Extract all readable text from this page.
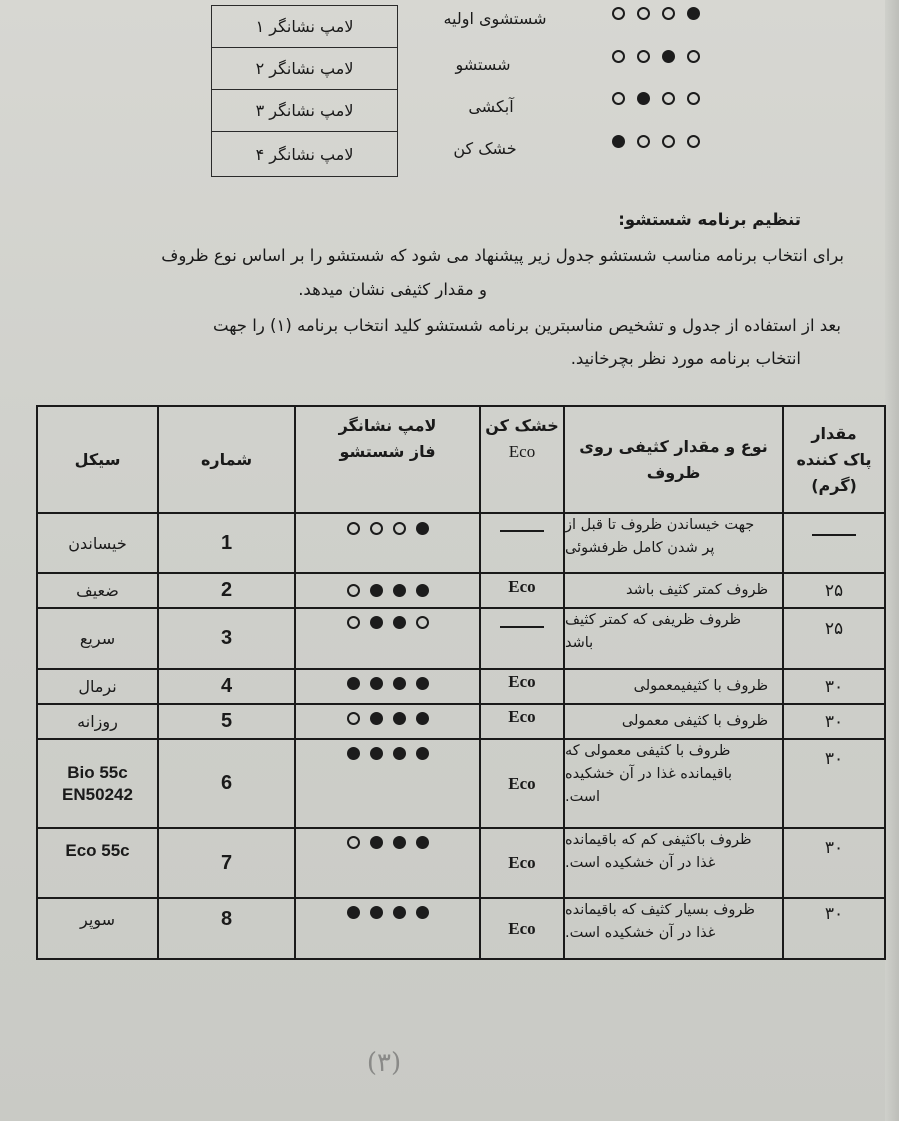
لامپ نشانگر ۱
لامپ نشانگر ۲
لامپ نشانگر ۳
لامپ نشانگر ۴
شستشوی اولیه
شستشو
آبکشی
خشک کن
تنظیم برنامه شستشو:
برای انتخاب برنامه مناسب شستشو جدول زیر پیشنهاد می شود که شستشو را بر اساس نوع ظروف
و مقدار کثیفی نشان میدهد.
بعد از استفاده از جدول و تشخیص مناسبترین برنامه شستشو کلید انتخاب برنامه (۱) را جهت
انتخاب برنامه مورد نظر بچرخانید.
مقدار
پاک کننده
(گرم)
نوع و مقدار کثیفی روی
ظروف
خشک کن
Eco
لامپ نشانگر
فاز شستشو
شماره
سیکل
جهت خیساندن ظروف تا قبل از
پر شدن کامل ظرفشوئی
1
خیساندن
۲۵
ظروف کمتر کثیف باشد
Eco
2
ضعیف
۲۵
ظروف ظریفی که کمتر کثیف
باشد
3
سریع
۳۰
ظروف با کثیفیمعمولی
Eco
4
نرمال
۳۰
ظروف با کثیفی معمولی
Eco
5
روزانه
۳۰
ظروف با کثیفی معمولی که
باقیمانده غذا در آن خشکیده
است.
Eco
6
Bio 55c
EN50242
۳۰
ظروف باکثیفی کم که باقیمانده
غذا در آن خشکیده است.
Eco
7
Eco 55c
۳۰
ظروف بسیار کثیف که باقیمانده
غذا در آن خشکیده است.
Eco
8
سوپر
(۳)
